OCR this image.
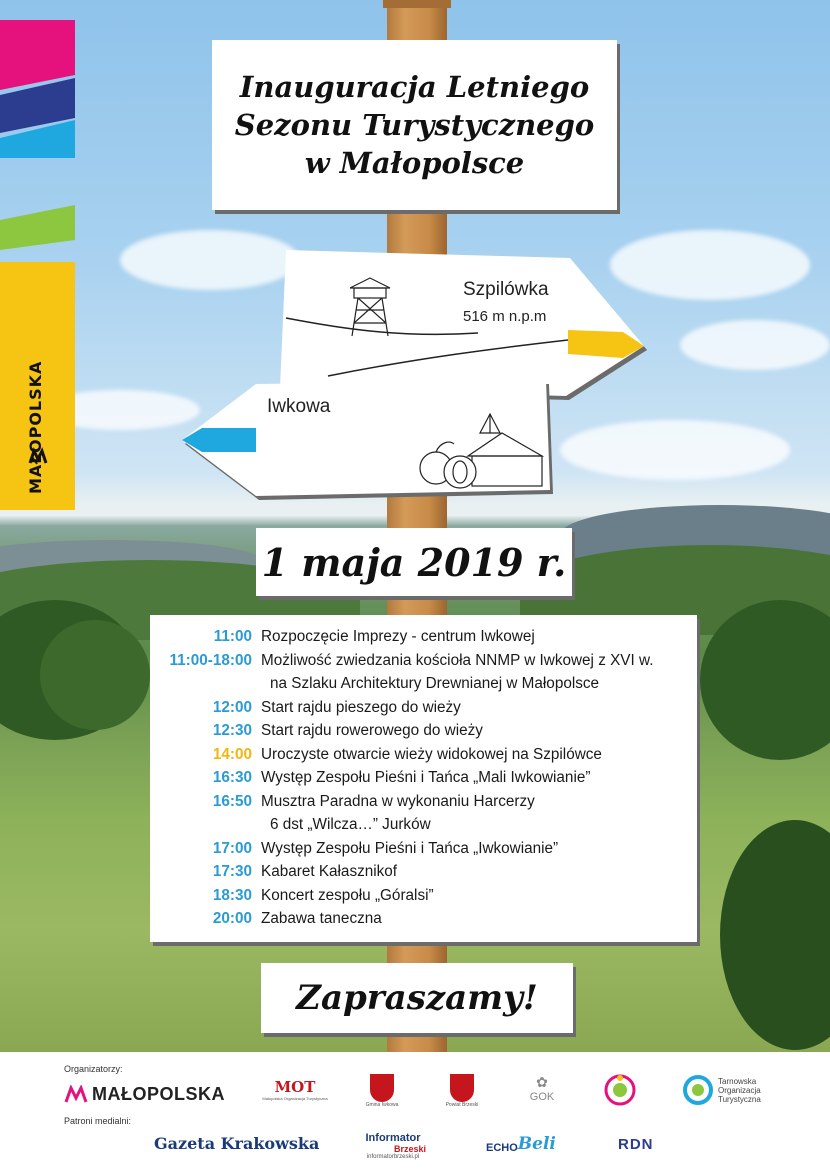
MAŁOPOLSKA
Inauguracja Letniego
Sezonu Turystycznego
w Małopolsce
Szpilówka
516 m n.p.m
Iwkowa
1 maja 2019 r.
11:00 Rozpoczęcie Imprezy - centrum Iwkowej
11:00-18:00 Możliwość zwiedzania kościoła NNMP w Iwkowej z XVI w.
na Szlaku Architektury Drewnianej w Małopolsce
12:00 Start rajdu pieszego do wieży
12:30 Start rajdu rowerowego do wieży
14:00 Uroczyste otwarcie wieży widokowej na Szpilówce
16:30 Występ Zespołu Pieśni i Tańca „Mali Iwkowianie”
16:50 Musztra Paradna w wykonaniu Harcerzy
6 dst „Wilcza…” Jurków
17:00 Występ Zespołu Pieśni i Tańca „Iwkowianie”
17:30 Kabaret Kałasznikof
18:30 Koncert zespołu „Góralsi”
20:00 Zabawa taneczna
Zapraszamy!
Organizatorzy:
Patroni medialni:
MAŁOPOLSKA	MOT
Małopolska Organizacja Turystyczna
Gmina Iwkowa	Powiat Brzeski
✿
GOK
Tarnowska
Organizacja
Turystyczna
Gazeta Krakowska	Informator
Brzeski
informatorbrzeski.pl
ECHO Beli	RDN
